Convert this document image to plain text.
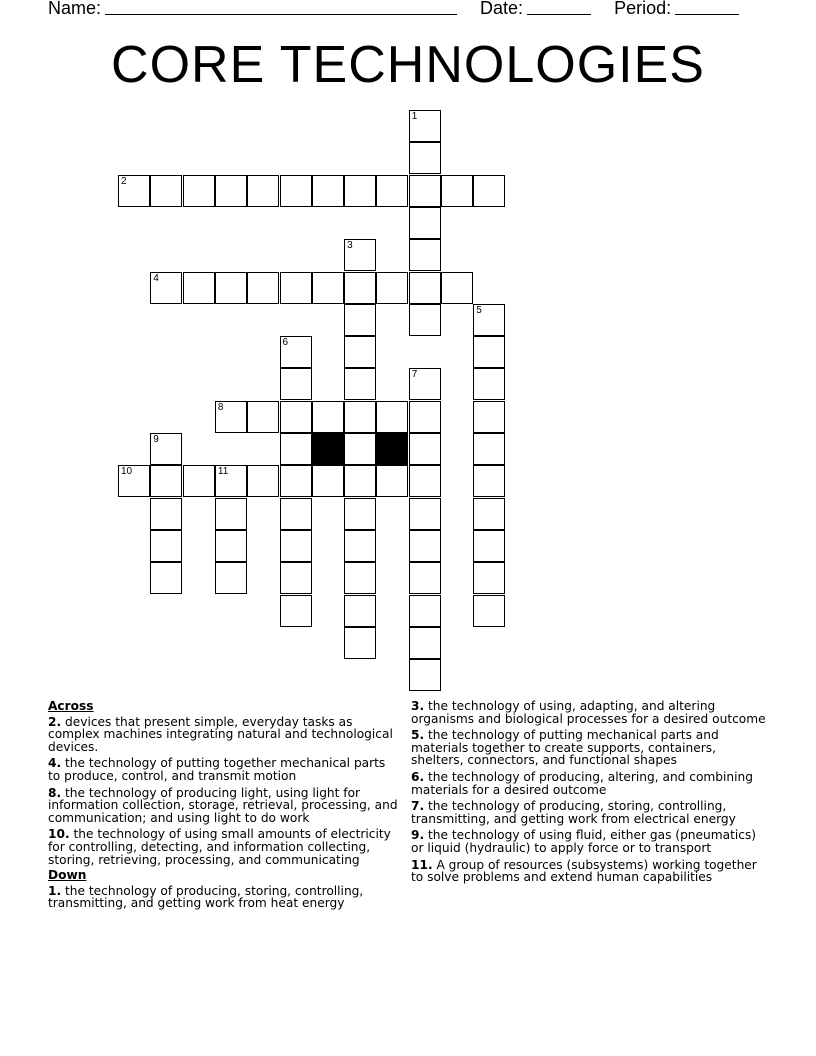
Name:	Date:	Period:
CORE TECHNOLOGIES
1
2
3
4
5
6
7
8
9
10	11
Across
2. devices that present simple, everyday tasks as complex machines integrating natural and technological devices.
4. the technology of putting together mechanical parts to produce, control, and transmit motion
8. the technology of producing light, using light for information collection, storage, retrieval, processing, and communication; and using light to do work
10. the technology of using small amounts of electricity for controlling, detecting, and information collecting, storing, retrieving, processing, and communicating
Down
1. the technology of producing, storing, controlling, transmitting, and getting work from heat energy
3. the technology of using, adapting, and altering organisms and biological processes for a desired outcome
5. the technology of putting mechanical parts and materials together to create supports, containers, shelters, connectors, and functional shapes
6. the technology of producing, altering, and combining materials for a desired outcome
7. the technology of producing, storing, controlling, transmitting, and getting work from electrical energy
9. the technology of using fluid, either gas (pneumatics) or liquid (hydraulic) to apply force or to transport
11. A group of resources (subsystems) working together to solve problems and extend human capabilities
